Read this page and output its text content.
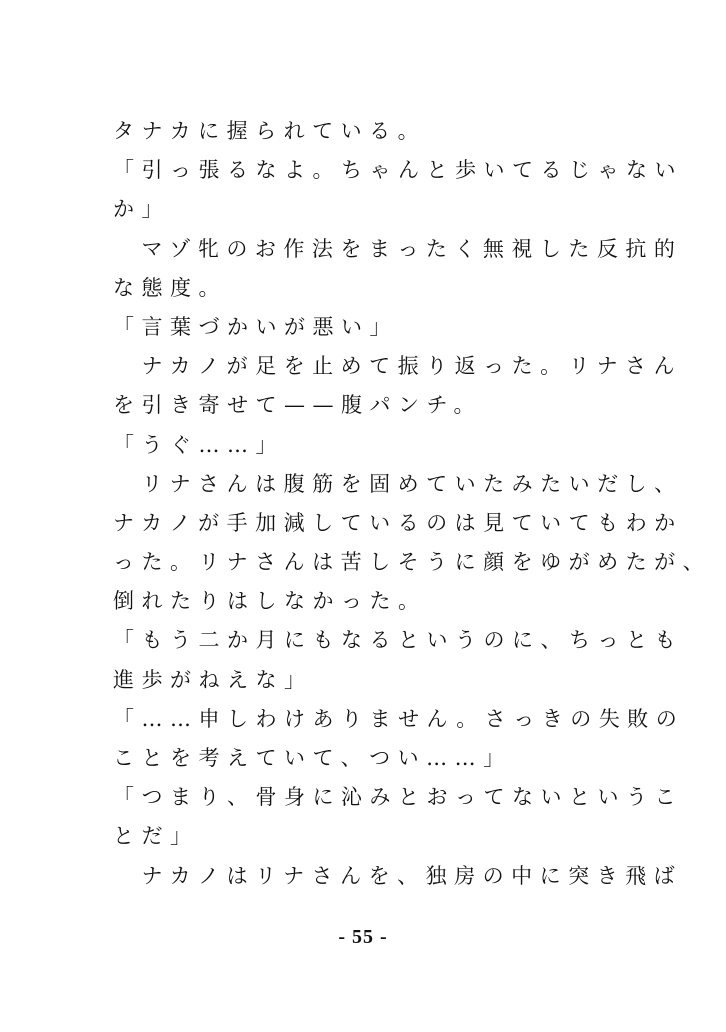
タナカに握られている。
「引っ張るなよ。ちゃんと歩いてるじゃない
か」
　マゾ牝のお作法をまったく無視した反抗的
な態度。
「言葉づかいが悪い」
　ナカノが足を止めて振り返った。リナさん
を引き寄せて——腹パンチ。
「うぐ……」
　リナさんは腹筋を固めていたみたいだし、
ナカノが手加減しているのは見ていてもわか
った。リナさんは苦しそうに顔をゆがめたが、
倒れたりはしなかった。
「もう二か月にもなるというのに、ちっとも
進歩がねえな」
「……申しわけありません。さっきの失敗の
ことを考えていて、つい……」
「つまり、骨身に沁みとおってないというこ
とだ」
　ナカノはリナさんを、独房の中に突き飛ば
- 55 -
